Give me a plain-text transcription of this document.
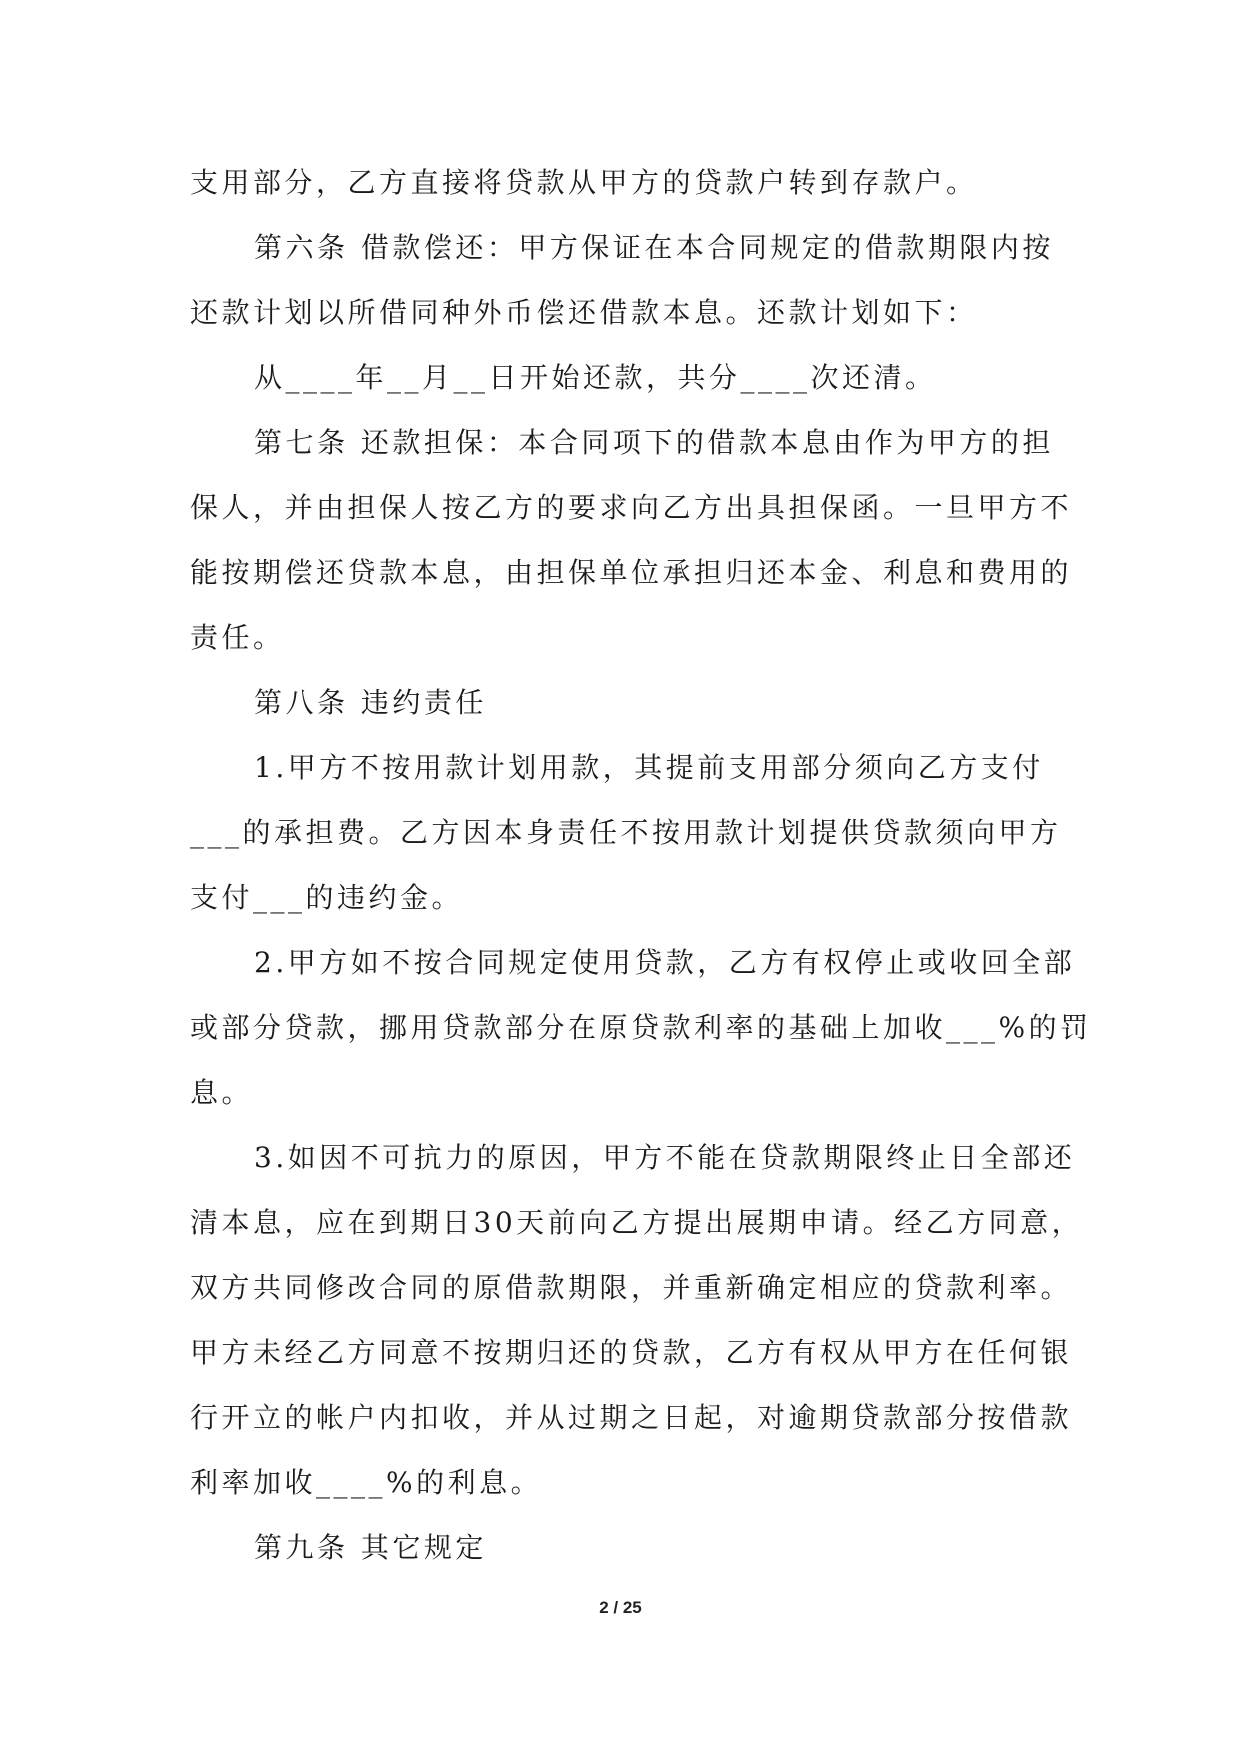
支用部分，乙方直接将贷款从甲方的贷款户转到存款户。
第六条 借款偿还：甲方保证在本合同规定的借款期限内按
还款计划以所借同种外币偿还借款本息。还款计划如下：
从____年__月__日开始还款，共分____次还清。
第七条 还款担保：本合同项下的借款本息由作为甲方的担
保人，并由担保人按乙方的要求向乙方出具担保函。一旦甲方不
能按期偿还贷款本息，由担保单位承担归还本金、利息和费用的
责任。
第八条 违约责任
1.甲方不按用款计划用款，其提前支用部分须向乙方支付
___的承担费。乙方因本身责任不按用款计划提供贷款须向甲方
支付___的违约金。
2.甲方如不按合同规定使用贷款，乙方有权停止或收回全部
或部分贷款，挪用贷款部分在原贷款利率的基础上加收___%的罚
息。
3.如因不可抗力的原因，甲方不能在贷款期限终止日全部还
清本息，应在到期日30天前向乙方提出展期申请。经乙方同意，
双方共同修改合同的原借款期限，并重新确定相应的贷款利率。
甲方未经乙方同意不按期归还的贷款，乙方有权从甲方在任何银
行开立的帐户内扣收，并从过期之日起，对逾期贷款部分按借款
利率加收____%的利息。
第九条 其它规定
2 / 25
